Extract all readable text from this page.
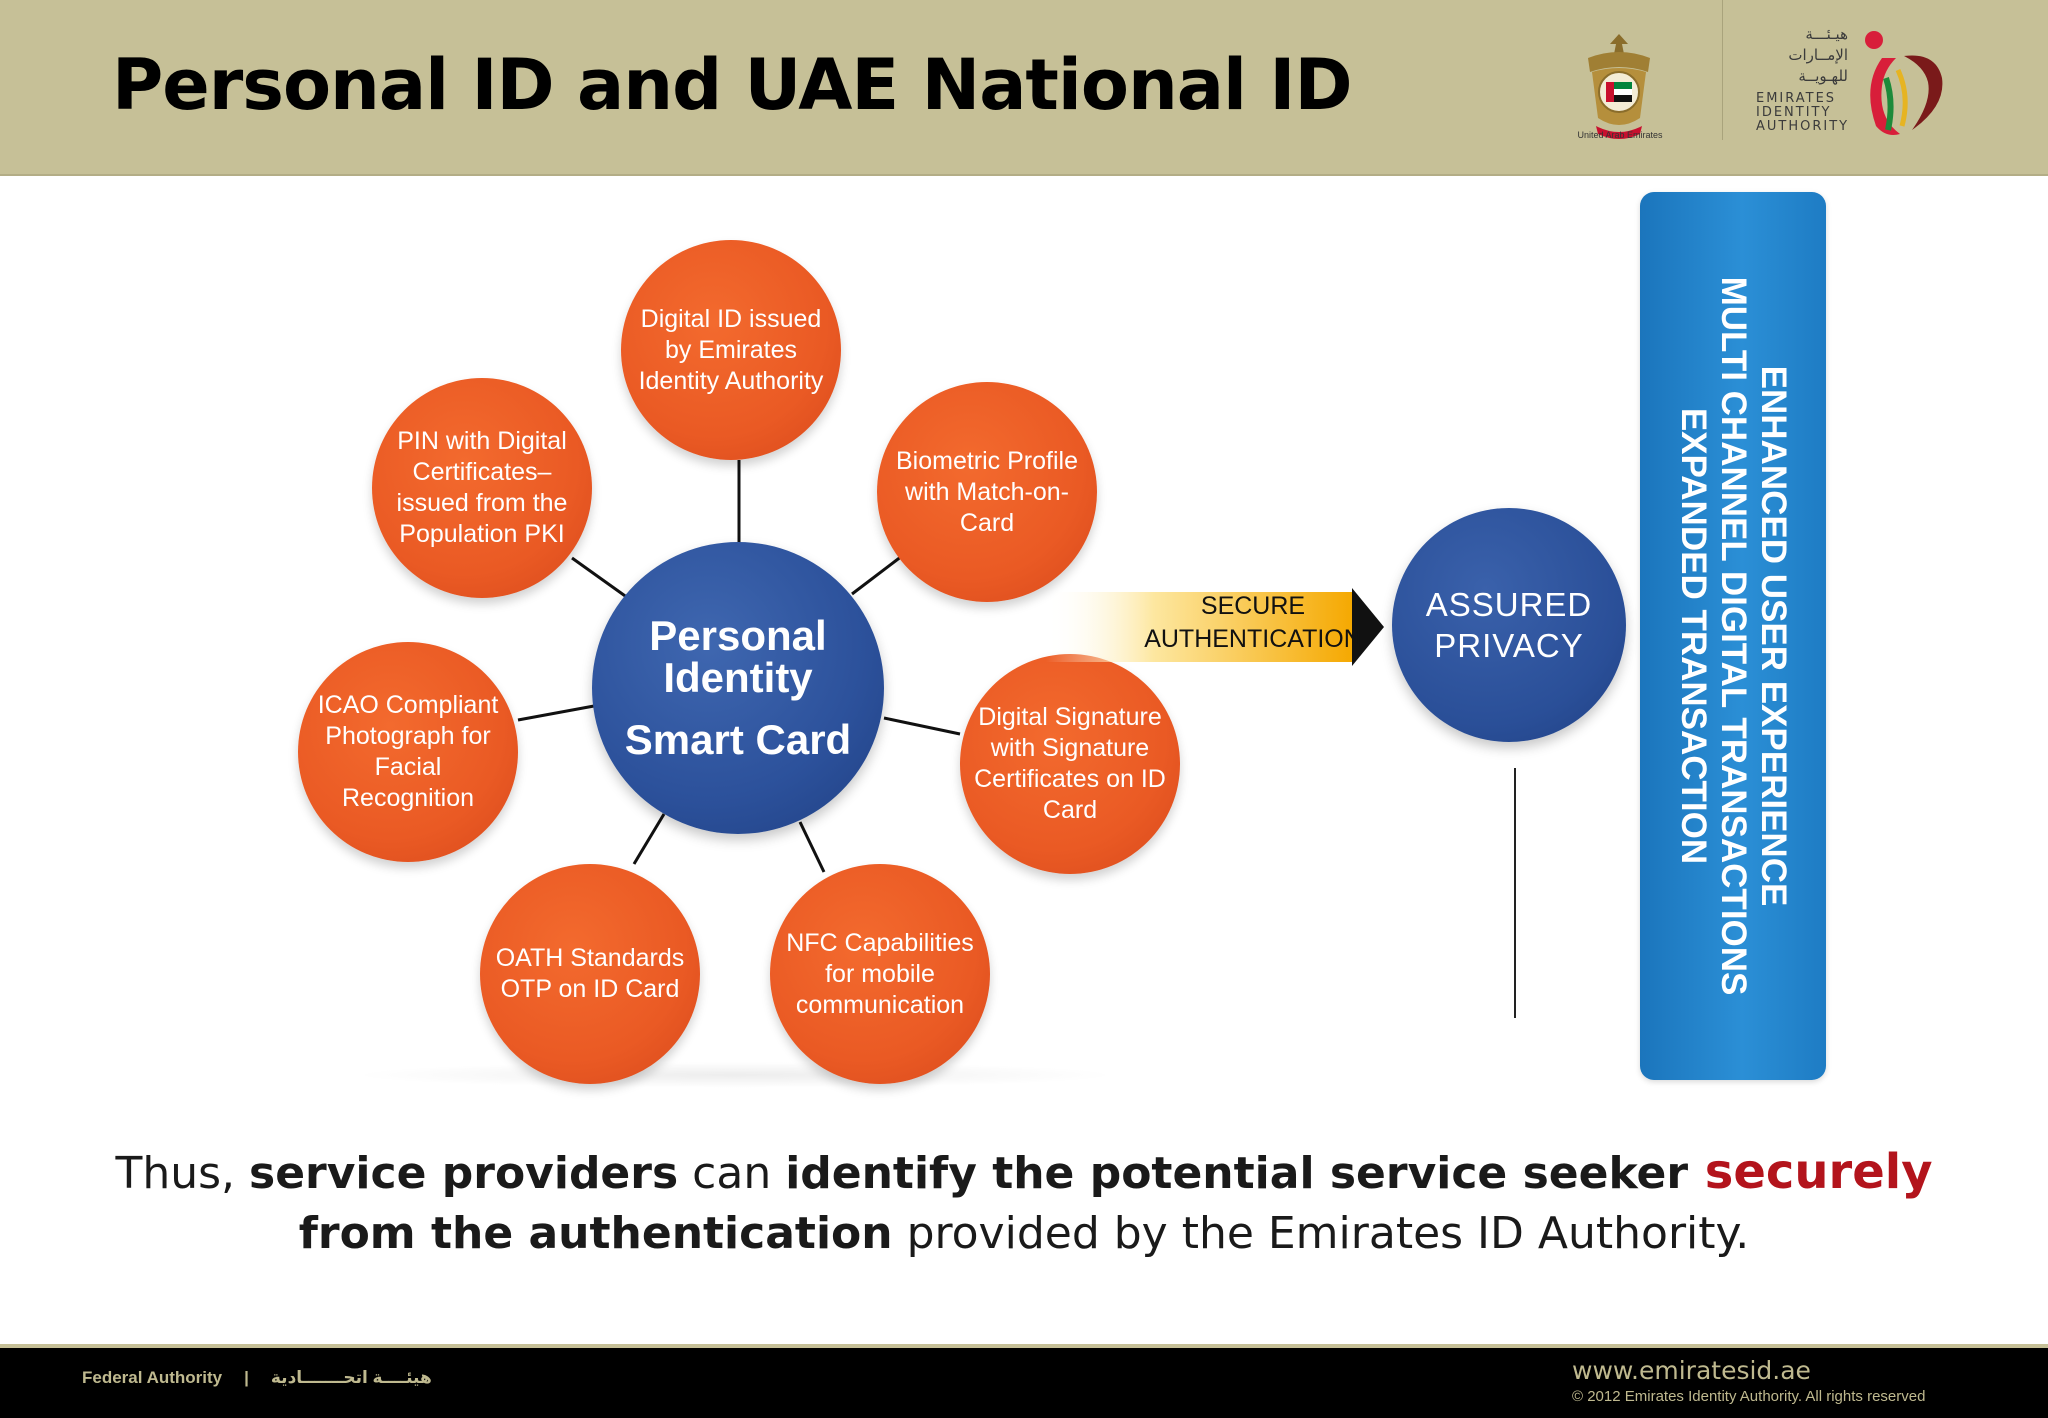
Personal ID and UAE National ID
United Arab Emirates
هيـئـــة
الإمــارات
للهـويــة
EMIRATES
IDENTITY
AUTHORITY
Personal
Identity
Smart Card
Digital ID issued by Emirates Identity Authority
Biometric Profile with Match-on-Card
Digital Signature with Signature Certificates on ID Card
NFC Capabilities for mobile communication
OATH Standards OTP on ID Card
ICAO Compliant Photograph for Facial Recognition
PIN with Digital Certificates– issued from the Population PKI
SECURE
AUTHENTICATION
ASSURED
PRIVACY	ENHANCED USER EXPERIENCE
MULTI CHANNEL DIGITAL TRANSACTIONS
EXPANDED TRANSACTION
Thus, service providers can identify the potential service seeker securely
from the authentication provided by the Emirates ID Authority.
Federal Authority | هيئــــة اتحـــــــادية	www.emiratesid.ae
© 2012 Emirates Identity Authority. All rights reserved
